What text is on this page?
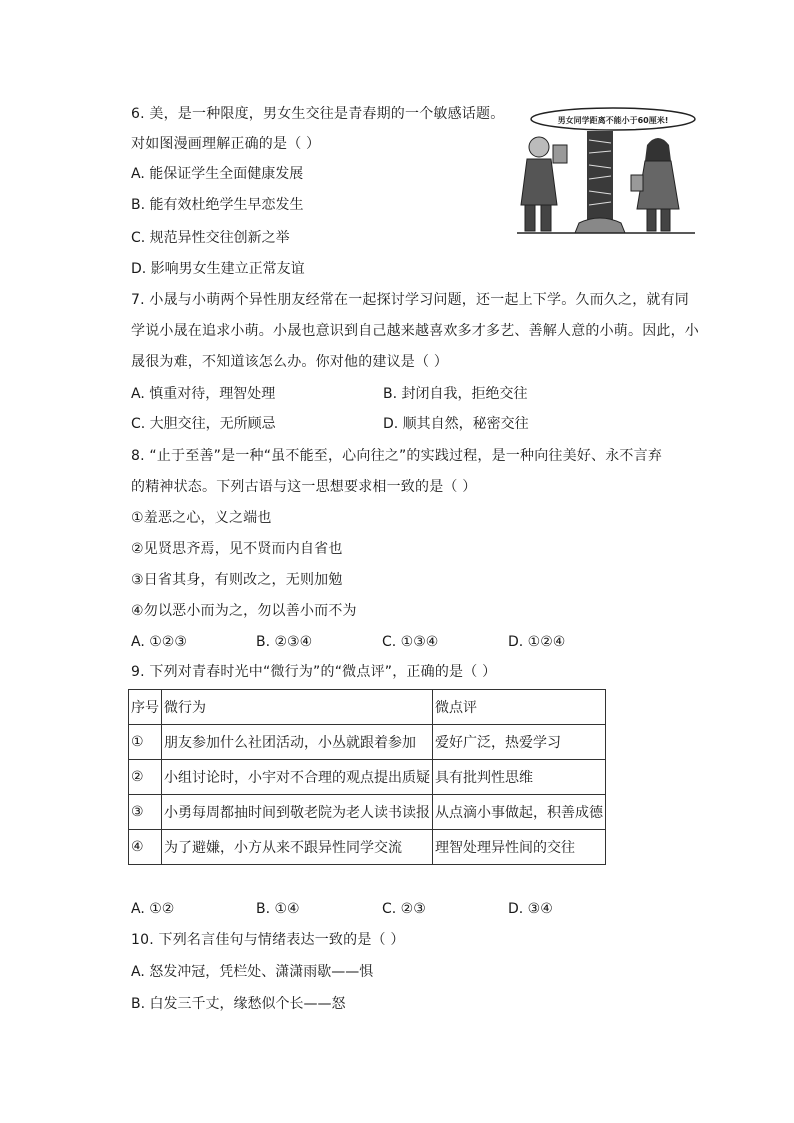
6. 美，是一种限度，男女生交往是青春期的一个敏感话题。
对如图漫画理解正确的是（ ）
A. 能保证学生全面健康发展
B. 能有效杜绝学生早恋发生
C. 规范异性交往创新之举
D. 影响男女生建立正常友谊
男女同学距离不能小于60厘米!
7. 小晟与小萌两个异性朋友经常在一起探讨学习问题，还一起上下学。久而久之，就有同
学说小晟在追求小萌。小晟也意识到自己越来越喜欢多才多艺、善解人意的小萌。因此，小
晟很为难，不知道该怎么办。你对他的建议是（ ）
A. 慎重对待，理智处理	B. 封闭自我，拒绝交往
C. 大胆交往，无所顾忌	D. 顺其自然，秘密交往
8. “止于至善”是一种“虽不能至，心向往之”的实践过程，是一种向往美好、永不言弃
的精神状态。下列古语与这一思想要求相一致的是（ ）
①羞恶之心，义之端也
②见贤思齐焉，见不贤而内自省也
③日省其身，有则改之，无则加勉
④勿以恶小而为之，勿以善小而不为
A. ①②③	B. ②③④	C. ①③④	D. ①②④
9. 下列对青春时光中“微行为”的“微点评”，正确的是（ ）
序号	微行为	微点评
①	朋友参加什么社团活动，小丛就跟着参加	爱好广泛，热爱学习
②	小组讨论时，小宇对不合理的观点提出质疑	具有批判性思维
③	小勇每周都抽时间到敬老院为老人读书读报	从点滴小事做起，积善成德
④	为了避嫌，小方从来不跟异性同学交流	理智处理异性间的交往
A. ①②	B. ①④	C. ②③	D. ③④
10. 下列名言佳句与情绪表达一致的是（ ）
A. 怒发冲冠，凭栏处、潇潇雨歇——惧
B. 白发三千丈，缘愁似个长——怒
